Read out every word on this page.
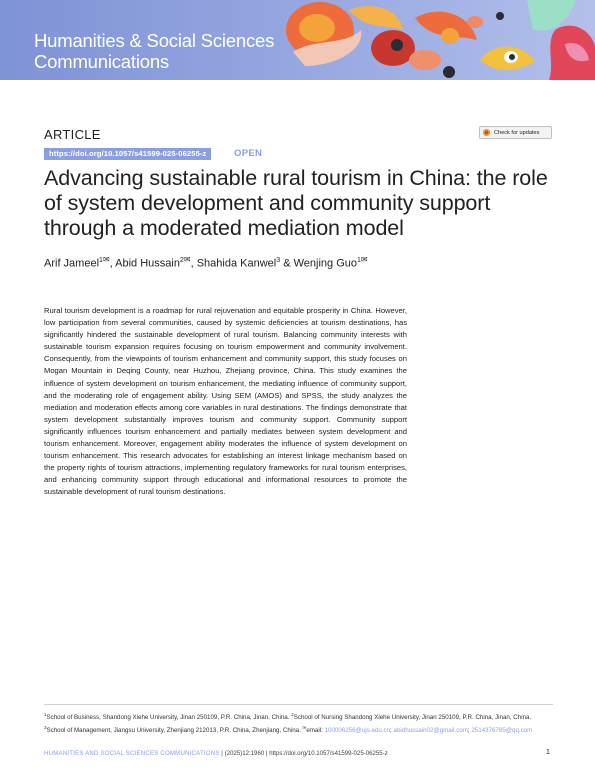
Humanities & Social Sciences
Communications
ARTICLE
https://doi.org/10.1057/s41599-025-06255-z	OPEN
Check for updates
Advancing sustainable rural tourism in China: the role of system development and community support through a moderated mediation model
Arif Jameel$^{1✉}$, Abid Hussain$^{2✉}$, Shahida Kanwel$^3$ & Wenjing Guo$^{1✉}$

Rural tourism development is a roadmap for rural rejuvenation and equitable prosperity in China. However, low participation from several communities, caused by systemic deficiencies at tourism destinations, has significantly hindered the sustainable development of rural tourism. Balancing community interests with sustainable tourism expansion requires focusing on tourism empowerment and community involvement. Consequently, from the viewpoints of tourism enhancement and community support, this study focuses on Mogan Mountain in Deqing County, near Huzhou, Zhejiang province, China. This study examines the influence of system development on tourism enhancement, the mediating influence of community support, and the moderating role of engagement ability. Using SEM (AMOS) and SPSS, the study analyzes the mediation and moderation effects among core variables in rural destinations. The findings demonstrate that system development substantially improves tourism and community support. Community support significantly influences tourism enhancement and partially mediates between system development and tourism enhancement. Moreover, engagement ability moderates the influence of system development on tourism enhancement. This research advocates for establishing an interest linkage mechanism based on the property rights of tourism attractions, implementing regulatory frameworks for rural tourism enterprises, and enhancing community support through educational and informational resources to promote the sustainable development of rural tourism destinations.

$^1$School of Business, Shandong Xiehe University, Jinan 250109, P.R. China, Jinan, China. $^2$School of Nursing Shandong Xiehe University, Jinan 250109, P.R. China, Jinan, China. $^3$School of Management, Jiangsu University, Zhenjiang 212013, P.R. China, Zhenjiang, China. ✉email: 100006256@ujs.edu.cn; abidhussain02@gmail.com; 2514376785@qq.com

HUMANITIES AND SOCIAL SCIENCES COMMUNICATIONS | (2025)12:1960 | https://doi.org/10.1057/s41599-025-06255-z	1
